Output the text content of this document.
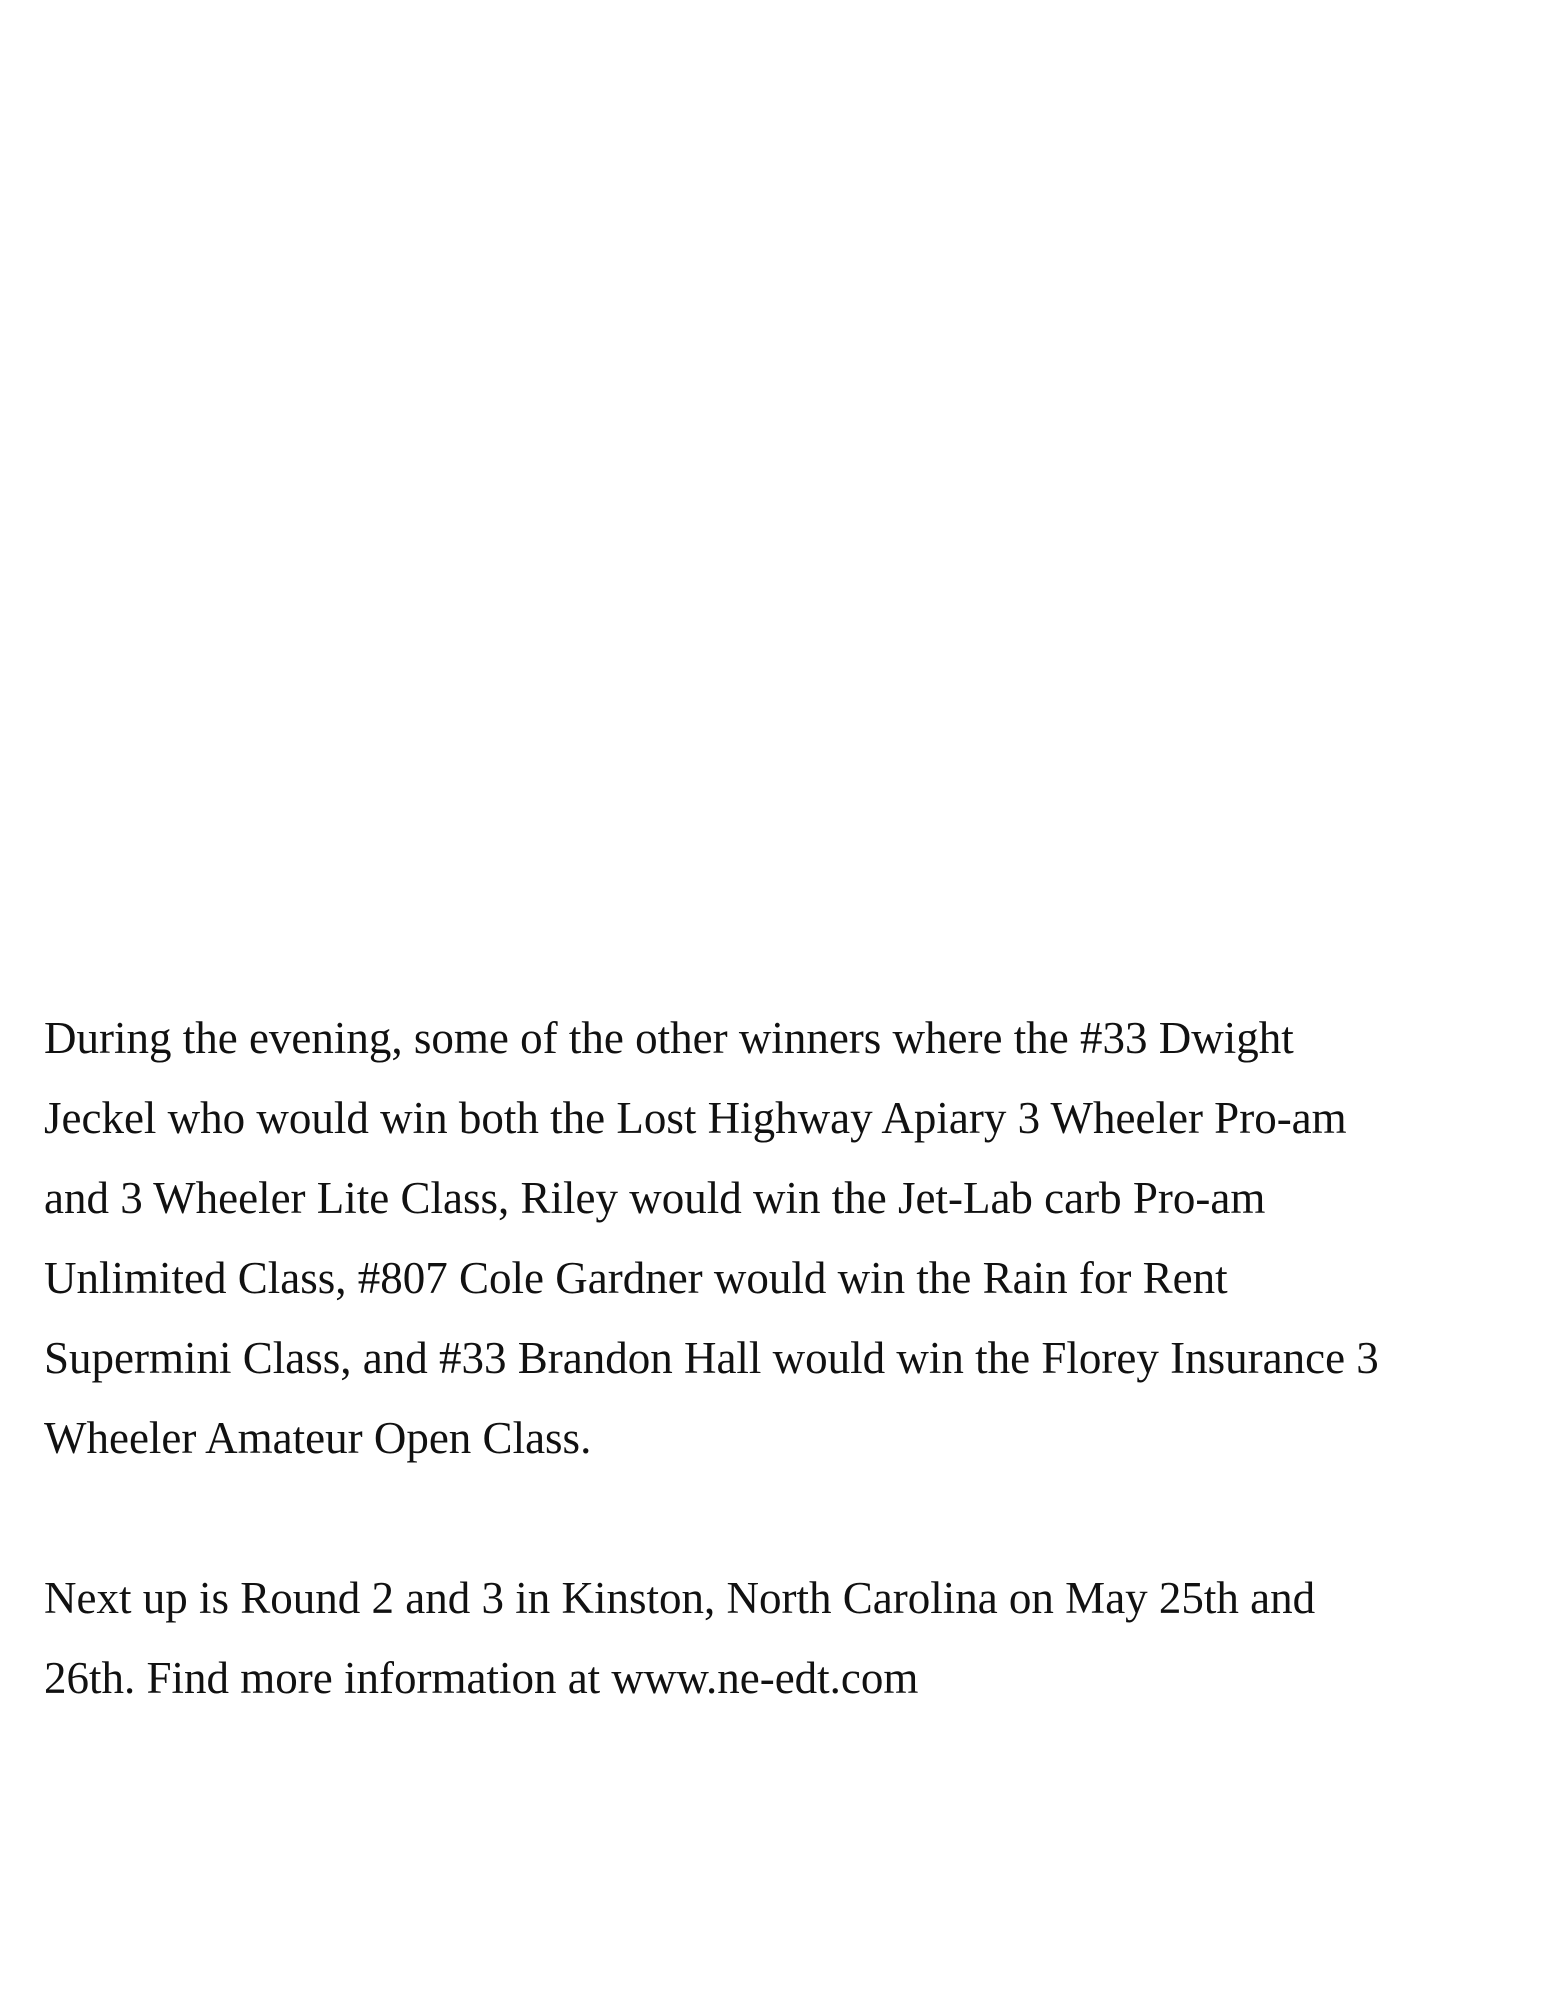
During the evening, some of the other winners where the #33 Dwight
Jeckel who would win both the Lost Highway Apiary 3 Wheeler Pro-am
and 3 Wheeler Lite Class, Riley would win the Jet-Lab carb Pro-am
Unlimited Class, #807 Cole Gardner would win the Rain for Rent
Supermini Class, and #33 Brandon Hall would win the Florey Insurance 3
Wheeler Amateur Open Class.

Next up is Round 2 and 3 in Kinston, North Carolina on May 25th and
26th. Find more information at www.ne-edt.com
